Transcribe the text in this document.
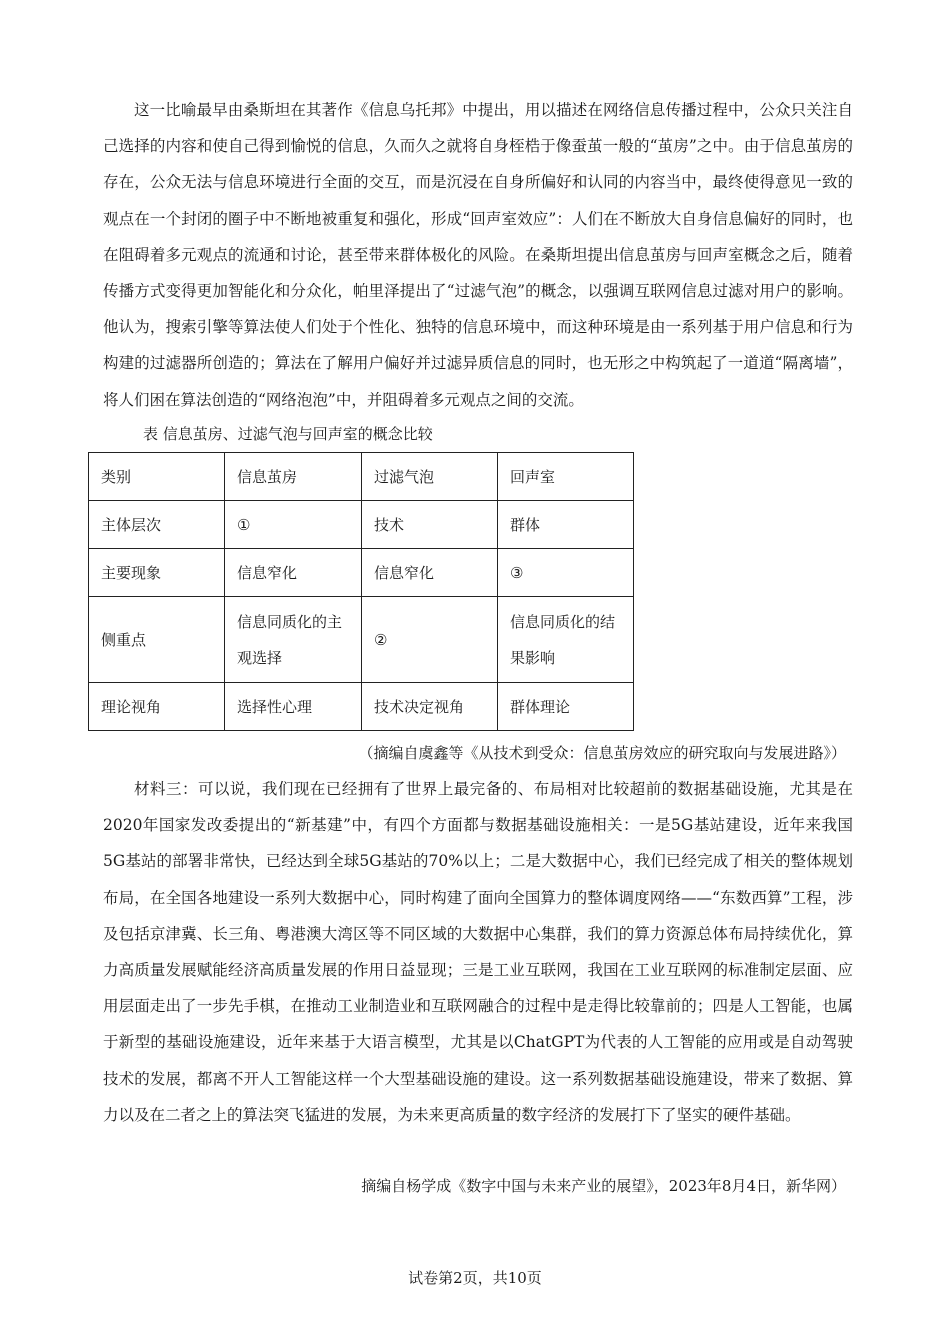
这一比喻最早由桑斯坦在其著作《信息乌托邦》中提出，用以描述在网络信息传播过程中，公众只关注自己选择的内容和使自己得到愉悦的信息，久而久之就将自身桎梏于像蚕茧一般的“茧房”之中。由于信息茧房的存在，公众无法与信息环境进行全面的交互，而是沉浸在自身所偏好和认同的内容当中，最终使得意见一致的观点在一个封闭的圈子中不断地被重复和强化，形成“回声室效应”：人们在不断放大自身信息偏好的同时，也在阻碍着多元观点的流通和讨论，甚至带来群体极化的风险。在桑斯坦提出信息茧房与回声室概念之后，随着传播方式变得更加智能化和分众化，帕里泽提出了“过滤气泡”的概念，以强调互联网信息过滤对用户的影响。他认为，搜索引擎等算法使人们处于个性化、独特的信息环境中，而这种环境是由一系列基于用户信息和行为构建的过滤器所创造的；算法在了解用户偏好并过滤异质信息的同时，也无形之中构筑起了一道道“隔离墙”，将人们困在算法创造的“网络泡泡”中，并阻碍着多元观点之间的交流。

表 信息茧房、过滤气泡与回声室的概念比较

类别	信息茧房	过滤气泡	回声室
主体层次	①	技术	群体
主要现象	信息窄化	信息窄化	③
侧重点	信息同质化的主观选择	②	信息同质化的结果影响
理论视角	选择性心理	技术决定视角	群体理论

（摘编自虞鑫等《从技术到受众：信息茧房效应的研究取向与发展进路》）

材料三：可以说，我们现在已经拥有了世界上最完备的、布局相对比较超前的数据基础设施，尤其是在2020年国家发改委提出的“新基建”中，有四个方面都与数据基础设施相关：一是5G基站建设，近年来我国5G基站的部署非常快，已经达到全球5G基站的70%以上；二是大数据中心，我们已经完成了相关的整体规划布局，在全国各地建设一系列大数据中心，同时构建了面向全国算力的整体调度网络——“东数西算”工程，涉及包括京津冀、长三角、粤港澳大湾区等不同区域的大数据中心集群，我们的算力资源总体布局持续优化，算力高质量发展赋能经济高质量发展的作用日益显现；三是工业互联网，我国在工业互联网的标准制定层面、应用层面走出了一步先手棋，在推动工业制造业和互联网融合的过程中是走得比较靠前的；四是人工智能，也属于新型的基础设施建设，近年来基于大语言模型，尤其是以ChatGPT为代表的人工智能的应用或是自动驾驶技术的发展，都离不开人工智能这样一个大型基础设施的建设。这一系列数据基础设施建设，带来了数据、算力以及在二者之上的算法突飞猛进的发展，为未来更高质量的数字经济的发展打下了坚实的硬件基础。

摘编自杨学成《数字中国与未来产业的展望》，2023年8月4日，新华网）

试卷第2页，共10页
